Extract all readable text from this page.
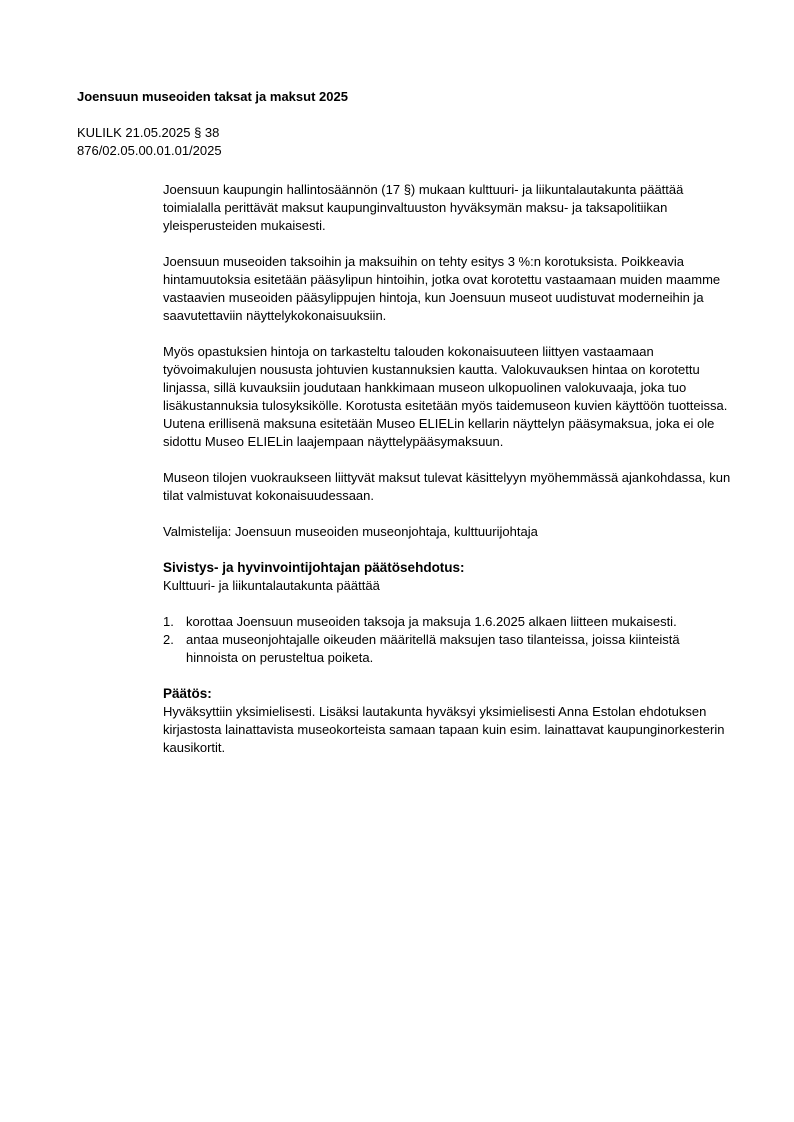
Joensuun museoiden taksat ja maksut 2025
KULILK 21.05.2025 § 38
876/02.05.00.01.01/2025

Joensuun kaupungin hallintosäännön (17 §) mukaan kulttuuri- ja liikuntalautakunta päättää toimialalla perittävät maksut kaupunginvaltuuston hyväksymän maksu- ja taksapolitiikan yleisperusteiden mukaisesti.

Joensuun museoiden taksoihin ja maksuihin on tehty esitys 3 %:n korotuksista. Poikkeavia hintamuutoksia esitetään pääsylipun hintoihin, jotka ovat korotettu vastaamaan muiden maamme vastaavien museoiden pääsylippujen hintoja, kun Joensuun museot uudistuvat moderneihin ja saavutettaviin näyttelykokonaisuuksiin.

Myös opastuksien hintoja on tarkasteltu talouden kokonaisuuteen liittyen vastaamaan työvoimakulujen noususta johtuvien kustannuksien kautta. Valokuvauksen hintaa on korotettu linjassa, sillä kuvauksiin joudutaan hankkimaan museon ulkopuolinen valokuvaaja, joka tuo lisäkustannuksia tulosyksikölle. Korotusta esitetään myös taidemuseon kuvien käyttöön tuotteissa. Uutena erillisenä maksuna esitetään Museo ELIELin kellarin näyttelyn pääsymaksua, joka ei ole sidottu Museo ELIELin laajempaan näyttelypääsymaksuun.

Museon tilojen vuokraukseen liittyvät maksut tulevat käsittelyyn myöhemmässä ajankohdassa, kun tilat valmistuvat kokonaisuudessaan.

Valmistelija: Joensuun museoiden museonjohtaja, kulttuurijohtaja

Sivistys- ja hyvinvointijohtajan päätösehdotus:
Kulttuuri- ja liikuntalautakunta päättää
1. korottaa Joensuun museoiden taksoja ja maksuja 1.6.2025 alkaen liitteen mukaisesti.
2. antaa museonjohtajalle oikeuden määritellä maksujen taso tilanteissa, joissa kiinteistä hinnoista on perusteltua poiketa.
Päätös:

Hyväksyttiin yksimielisesti. Lisäksi lautakunta hyväksyi yksimielisesti Anna Estolan ehdotuksen kirjastosta lainattavista museokorteista samaan tapaan kuin esim. lainattavat kaupunginorkesterin kausikortit.
